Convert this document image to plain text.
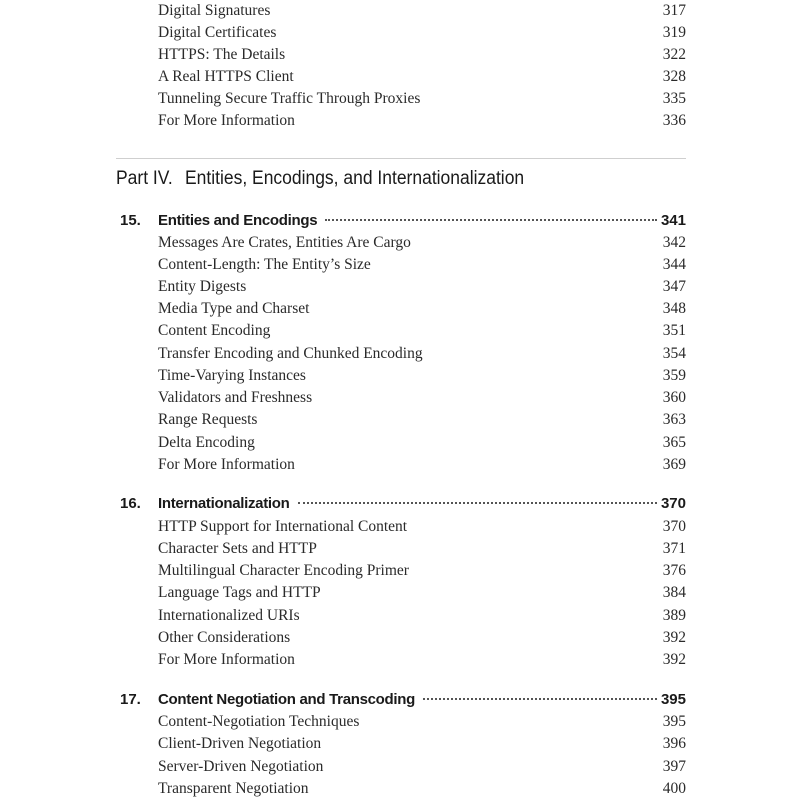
Digital Signatures	317
Digital Certificates	319
HTTPS: The Details	322
A Real HTTPS Client	328
Tunneling Secure Traffic Through Proxies	335
For More Information	336
Part IV. Entities, Encodings, and Internationalization
15.	Entities and Encodings	341
Messages Are Crates, Entities Are Cargo	342
Content-Length: The Entity’s Size	344
Entity Digests	347
Media Type and Charset	348
Content Encoding	351
Transfer Encoding and Chunked Encoding	354
Time-Varying Instances	359
Validators and Freshness	360
Range Requests	363
Delta Encoding	365
For More Information	369
16.	Internationalization	370
HTTP Support for International Content	370
Character Sets and HTTP	371
Multilingual Character Encoding Primer	376
Language Tags and HTTP	384
Internationalized URIs	389
Other Considerations	392
For More Information	392
17.	Content Negotiation and Transcoding	395
Content-Negotiation Techniques	395
Client-Driven Negotiation	396
Server-Driven Negotiation	397
Transparent Negotiation	400
